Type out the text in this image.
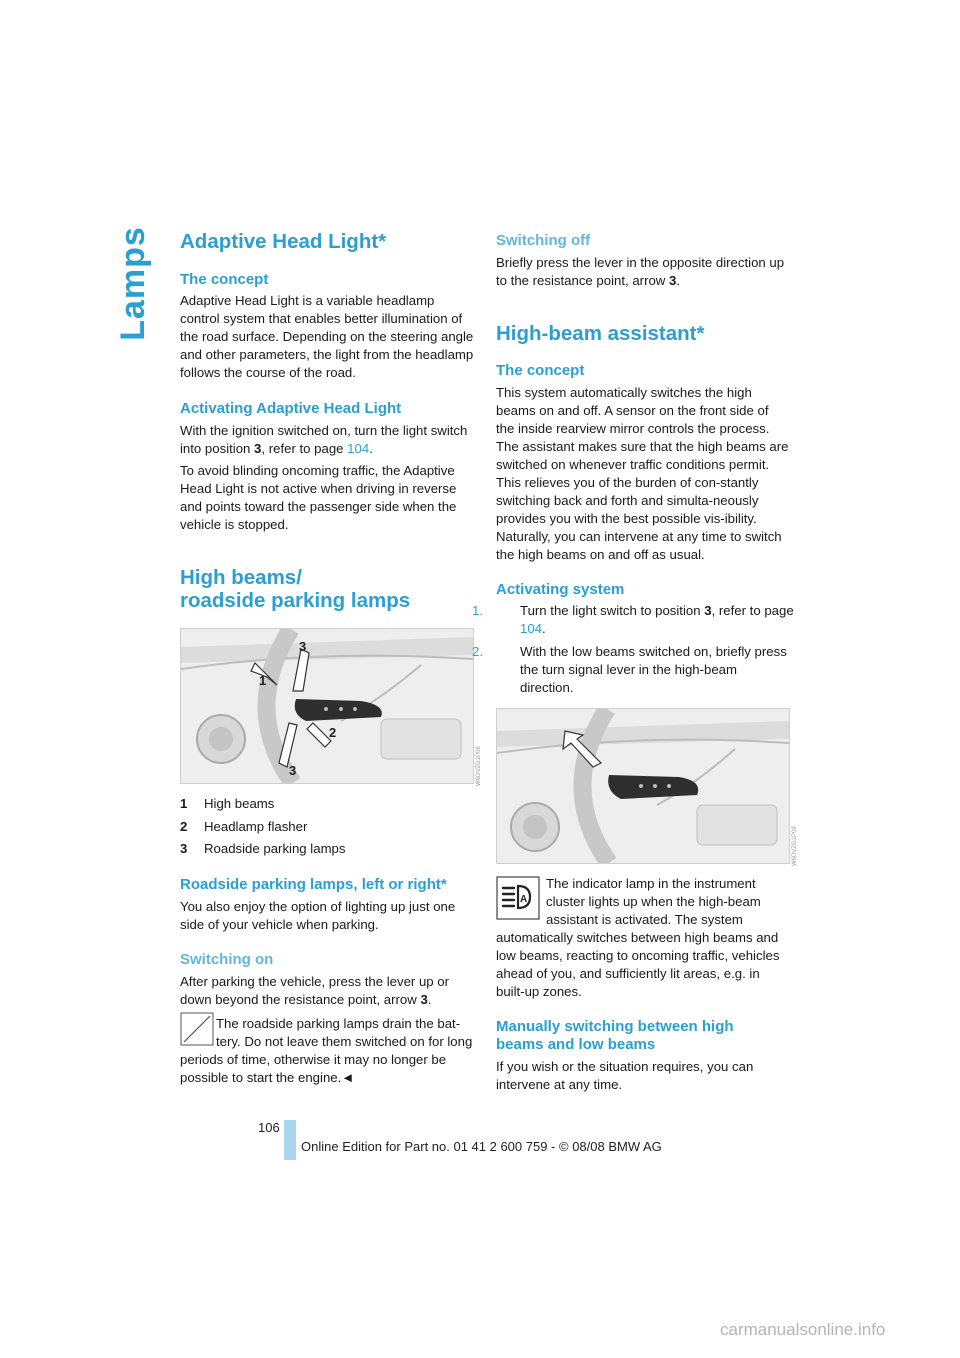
Lamps Adaptive Head Light*
The concept

Adaptive Head Light is a variable headlamp control system that enables better illumination of the road surface. Depending on the steering angle and other parameters, the light from the headlamp follows the course of the road.

Activating Adaptive Head Light

With the ignition switched on, turn the light switch into position 3, refer to page 104.

To avoid blinding oncoming traffic, the Adaptive Head Light is not active when driving in reverse and points toward the passenger side when the vehicle is stopped.

High beams/
roadside parking lamps
3
1
2
3	W6DVZG1P06
1 High beams
2 Headlamp flasher
3 Roadside parking lamps
Roadside parking lamps, left or right*

You also enjoy the option of lighting up just one side of your vehicle when parking.

Switching on

After parking the vehicle, press the lever up or down beyond the resistance point, arrow 3.

The roadside parking lamps drain the bat-tery. Do not leave them switched on for long periods of time, otherwise it may no longer be possible to start the engine.◄
Switching off

Briefly press the lever in the opposite direction up to the resistance point, arrow 3.

High-beam assistant*
The concept

This system automatically switches the high beams on and off. A sensor on the front side of the inside rearview mirror controls the process. The assistant makes sure that the high beams are switched on whenever traffic conditions permit. This relieves you of the burden of con-stantly switching back and forth and simulta-neously provides you with the best possible vis-ibility. Naturally, you can intervene at any time to switch the high beams on and off as usual.

Activating system

1.	Turn the light switch to position 3, refer to page 104.

2.	With the low beams switched on, briefly press the turn signal lever in the high-beam direction.

W6DVZG1P08
A
The indicator lamp in the instrument cluster lights up when the high-beam assistant is activated. The system automatically switches between high beams and low beams, reacting to oncoming traffic, vehicles ahead of you, and sufficiently lit areas, e.g. in built-up zones.
Manually switching between high
beams and low beams

If you wish or the situation requires, you can intervene at any time.

106
Online Edition for Part no. 01 41 2 600 759 - © 08/08 BMW AG
carmanualsonline.info
